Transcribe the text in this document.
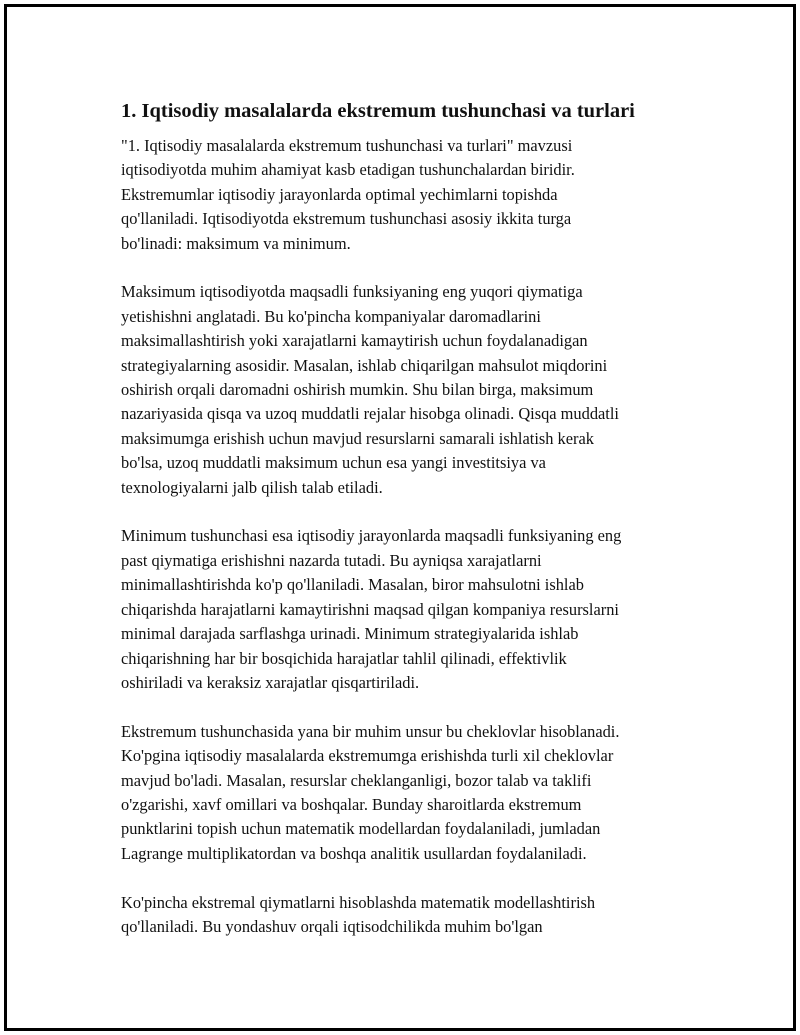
1. Iqtisodiy masalalarda ekstremum tushunchasi va turlari
"1. Iqtisodiy masalalarda ekstremum tushunchasi va turlari" mavzusi
iqtisodiyotda muhim ahamiyat kasb etadigan tushunchalardan biridir.
Ekstremumlar iqtisodiy jarayonlarda optimal yechimlarni topishda
qo'llaniladi. Iqtisodiyotda ekstremum tushunchasi asosiy ikkita turga
bo'linadi: maksimum va minimum.
Maksimum iqtisodiyotda maqsadli funksiyaning eng yuqori qiymatiga
yetishishni anglatadi. Bu ko'pincha kompaniyalar daromadlarini
maksimallashtirish yoki xarajatlarni kamaytirish uchun foydalanadigan
strategiyalarning asosidir. Masalan, ishlab chiqarilgan mahsulot miqdorini
oshirish orqali daromadni oshirish mumkin. Shu bilan birga, maksimum
nazariyasida qisqa va uzoq muddatli rejalar hisobga olinadi. Qisqa muddatli
maksimumga erishish uchun mavjud resurslarni samarali ishlatish kerak
bo'lsa, uzoq muddatli maksimum uchun esa yangi investitsiya va
texnologiyalarni jalb qilish talab etiladi.
Minimum tushunchasi esa iqtisodiy jarayonlarda maqsadli funksiyaning eng
past qiymatiga erishishni nazarda tutadi. Bu ayniqsa xarajatlarni
minimallashtirishda ko'p qo'llaniladi. Masalan, biror mahsulotni ishlab
chiqarishda harajatlarni kamaytirishni maqsad qilgan kompaniya resurslarni
minimal darajada sarflashga urinadi. Minimum strategiyalarida ishlab
chiqarishning har bir bosqichida harajatlar tahlil qilinadi, effektivlik
oshiriladi va keraksiz xarajatlar qisqartiriladi.
Ekstremum tushunchasida yana bir muhim unsur bu cheklovlar hisoblanadi.
Ko'pgina iqtisodiy masalalarda ekstremumga erishishda turli xil cheklovlar
mavjud bo'ladi. Masalan, resurslar cheklanganligi, bozor talab va taklifi
o'zgarishi, xavf omillari va boshqalar. Bunday sharoitlarda ekstremum
punktlarini topish uchun matematik modellardan foydalaniladi, jumladan
Lagrange multiplikatordan va boshqa analitik usullardan foydalaniladi.
Ko'pincha ekstremal qiymatlarni hisoblashda matematik modellashtirish
qo'llaniladi. Bu yondashuv orqali iqtisodchilikda muhim bo'lgan
